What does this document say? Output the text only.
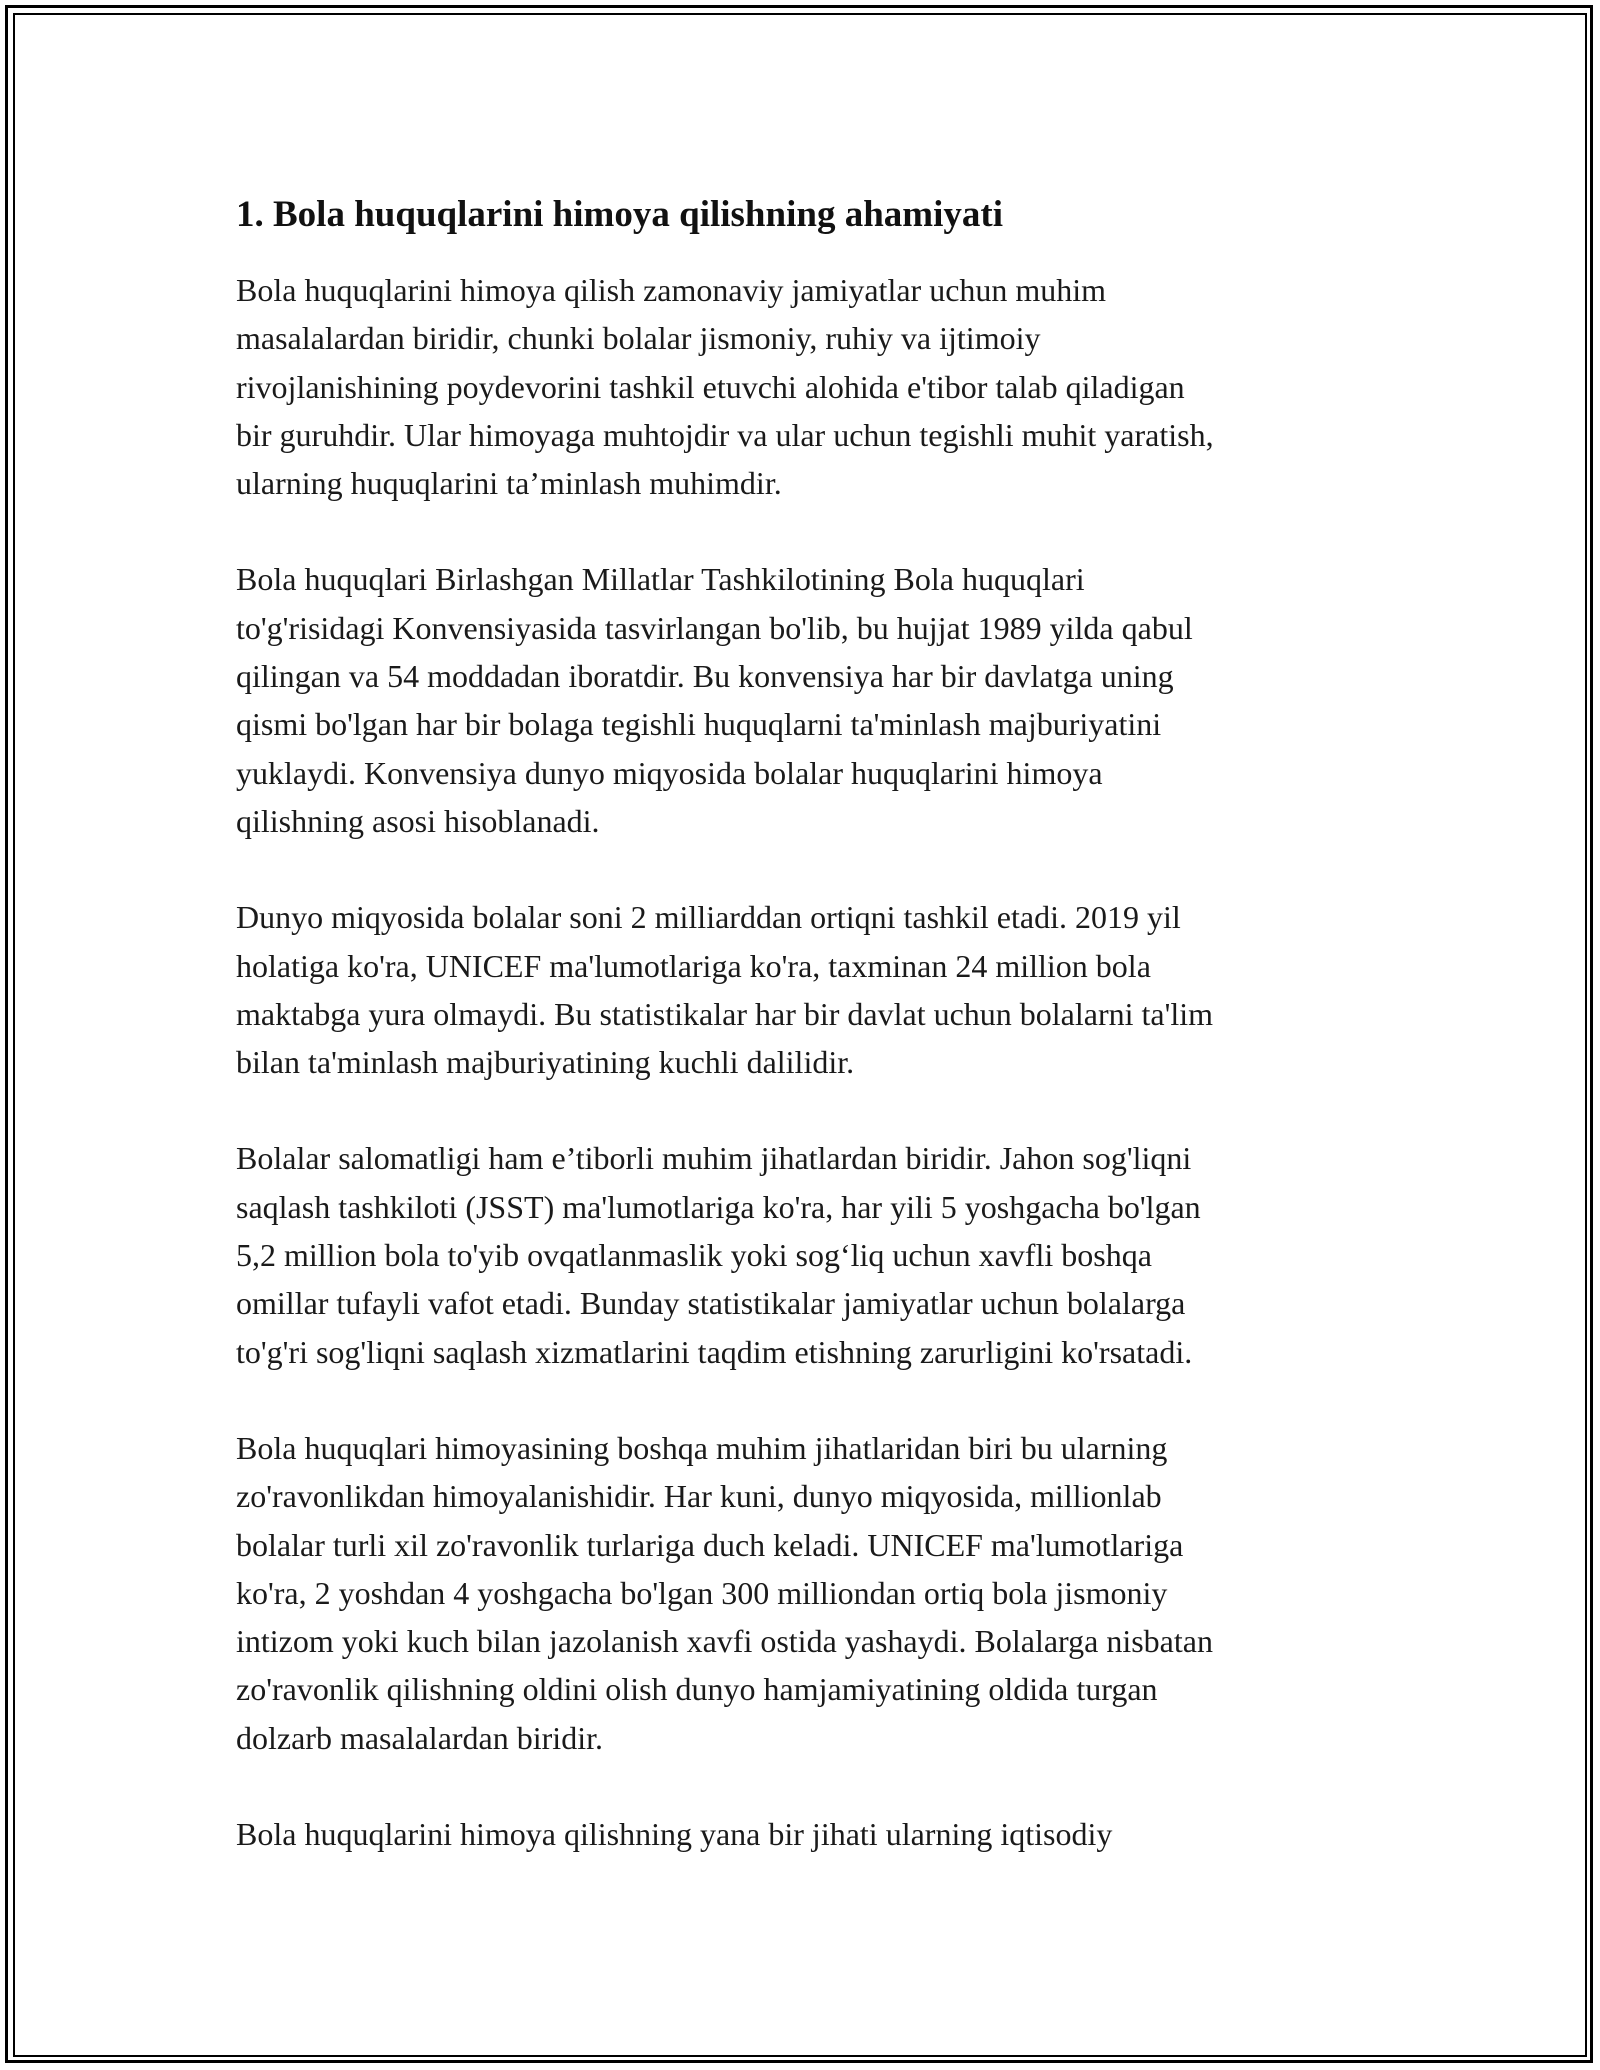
1. Bola huquqlarini himoya qilishning ahamiyati

Bola huquqlarini himoya qilish zamonaviy jamiyatlar uchun muhim
masalalardan biridir, chunki bolalar jismoniy, ruhiy va ijtimoiy
rivojlanishining poydevorini tashkil etuvchi alohida e'tibor talab qiladigan
bir guruhdir. Ular himoyaga muhtojdir va ular uchun tegishli muhit yaratish,
ularning huquqlarini ta’minlash muhimdir.

Bola huquqlari Birlashgan Millatlar Tashkilotining Bola huquqlari
to'g'risidagi Konvensiyasida tasvirlangan bo'lib, bu hujjat 1989 yilda qabul
qilingan va 54 moddadan iboratdir. Bu konvensiya har bir davlatga uning
qismi bo'lgan har bir bolaga tegishli huquqlarni ta'minlash majburiyatini
yuklaydi. Konvensiya dunyo miqyosida bolalar huquqlarini himoya
qilishning asosi hisoblanadi.

Dunyo miqyosida bolalar soni 2 milliarddan ortiqni tashkil etadi. 2019 yil
holatiga ko'ra, UNICEF ma'lumotlariga ko'ra, taxminan 24 million bola
maktabga yura olmaydi. Bu statistikalar har bir davlat uchun bolalarni ta'lim
bilan ta'minlash majburiyatining kuchli dalilidir.

Bolalar salomatligi ham e’tiborli muhim jihatlardan biridir. Jahon sog'liqni
saqlash tashkiloti (JSST) ma'lumotlariga ko'ra, har yili 5 yoshgacha bo'lgan
5,2 million bola to'yib ovqatlanmaslik yoki sog‘liq uchun xavfli boshqa
omillar tufayli vafot etadi. Bunday statistikalar jamiyatlar uchun bolalarga
to'g'ri sog'liqni saqlash xizmatlarini taqdim etishning zarurligini ko'rsatadi.

Bola huquqlari himoyasining boshqa muhim jihatlaridan biri bu ularning
zo'ravonlikdan himoyalanishidir. Har kuni, dunyo miqyosida, millionlab
bolalar turli xil zo'ravonlik turlariga duch keladi. UNICEF ma'lumotlariga
ko'ra, 2 yoshdan 4 yoshgacha bo'lgan 300 milliondan ortiq bola jismoniy
intizom yoki kuch bilan jazolanish xavfi ostida yashaydi. Bolalarga nisbatan
zo'ravonlik qilishning oldini olish dunyo hamjamiyatining oldida turgan
dolzarb masalalardan biridir.

Bola huquqlarini himoya qilishning yana bir jihati ularning iqtisodiy
